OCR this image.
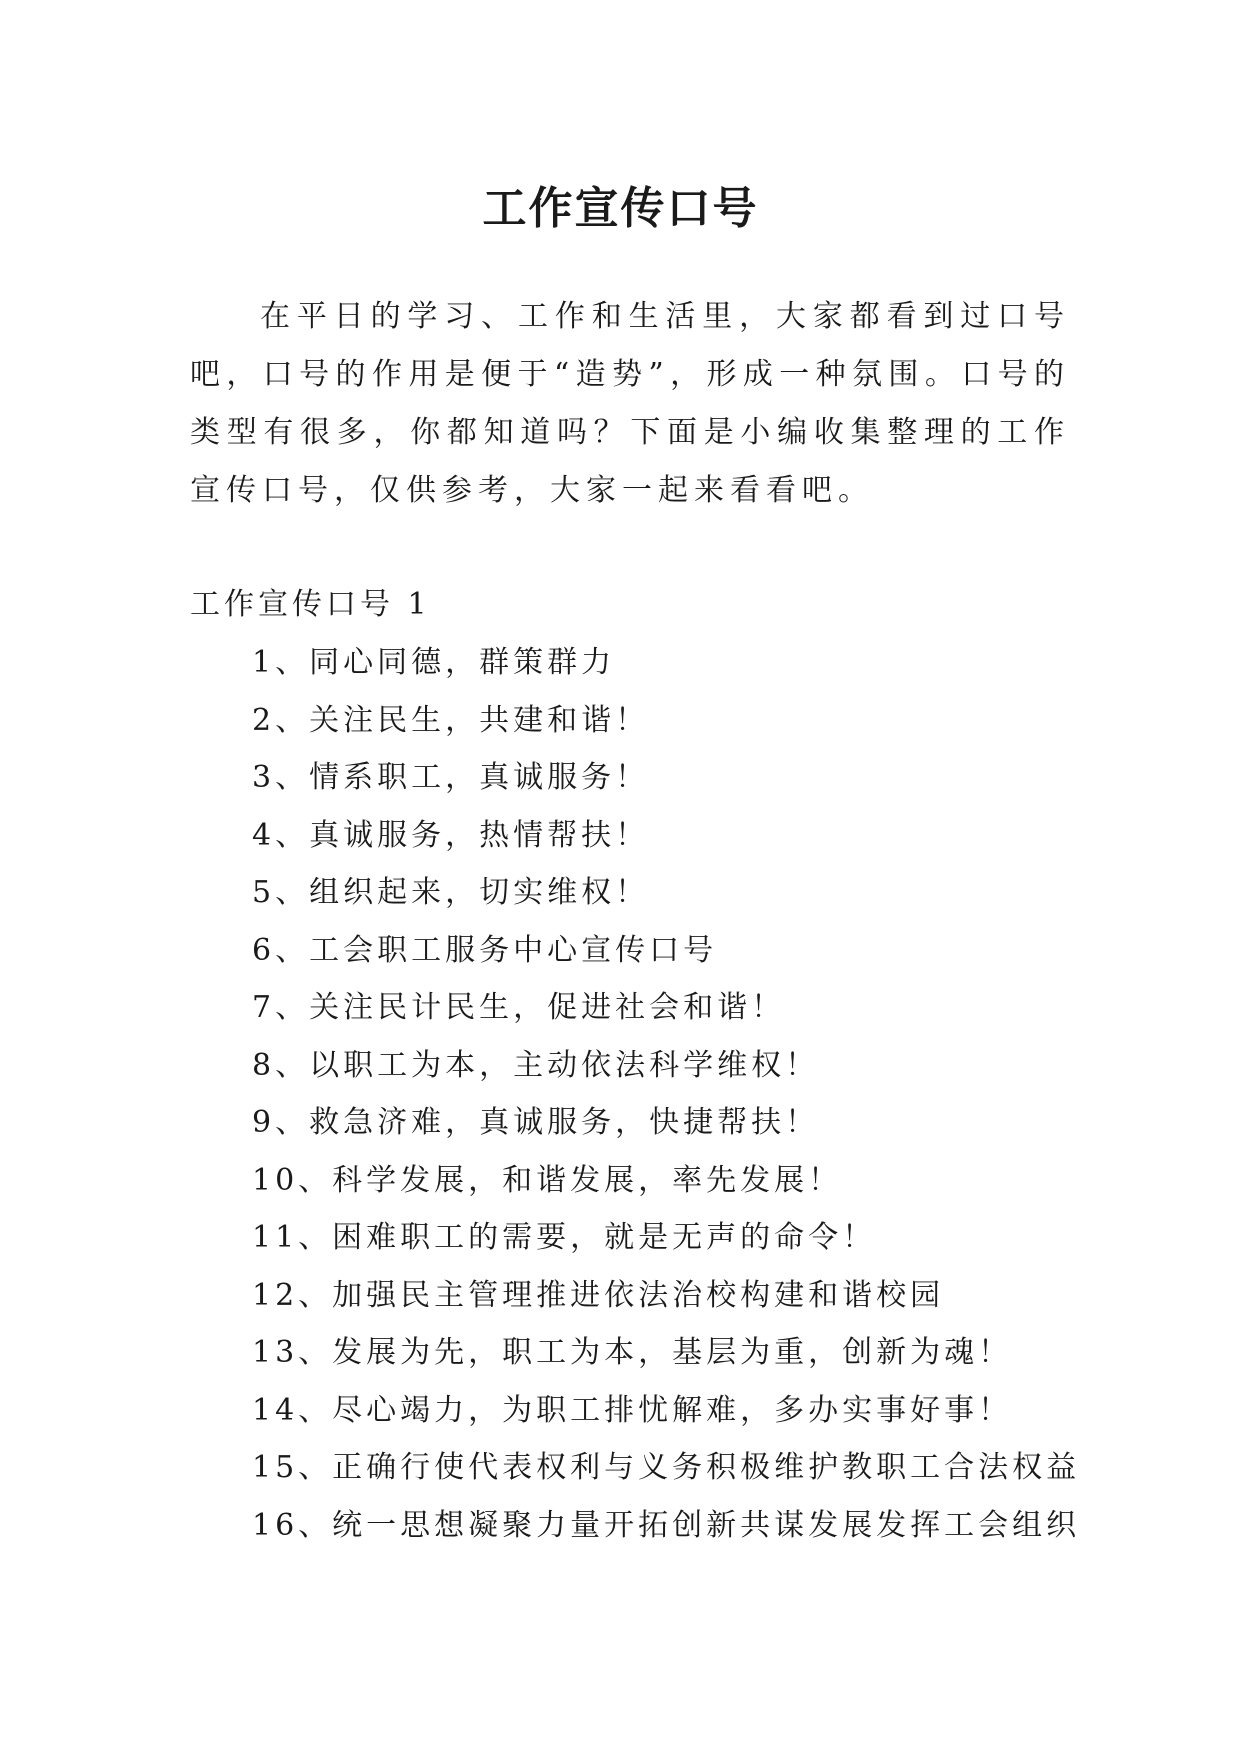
工作宣传口号

在平日的学习、工作和生活里，大家都看到过口号吧，口号的作用是便于“造势”，形成一种氛围。口号的类型有很多，你都知道吗？下面是小编收集整理的工作宣传口号，仅供参考，大家一起来看看吧。

工作宣传口号 1

1、同心同德，群策群力
2、关注民生，共建和谐！
3、情系职工，真诚服务！
4、真诚服务，热情帮扶！
5、组织起来，切实维权！
6、工会职工服务中心宣传口号
7、关注民计民生，促进社会和谐！
8、以职工为本，主动依法科学维权！
9、救急济难，真诚服务，快捷帮扶！
10、科学发展，和谐发展，率先发展！
11、困难职工的需要，就是无声的命令！
12、加强民主管理推进依法治校构建和谐校园
13、发展为先，职工为本，基层为重，创新为魂！
14、尽心竭力，为职工排忧解难，多办实事好事！
15、正确行使代表权利与义务积极维护教职工合法权益
16、统一思想凝聚力量开拓创新共谋发展发挥工会组织
